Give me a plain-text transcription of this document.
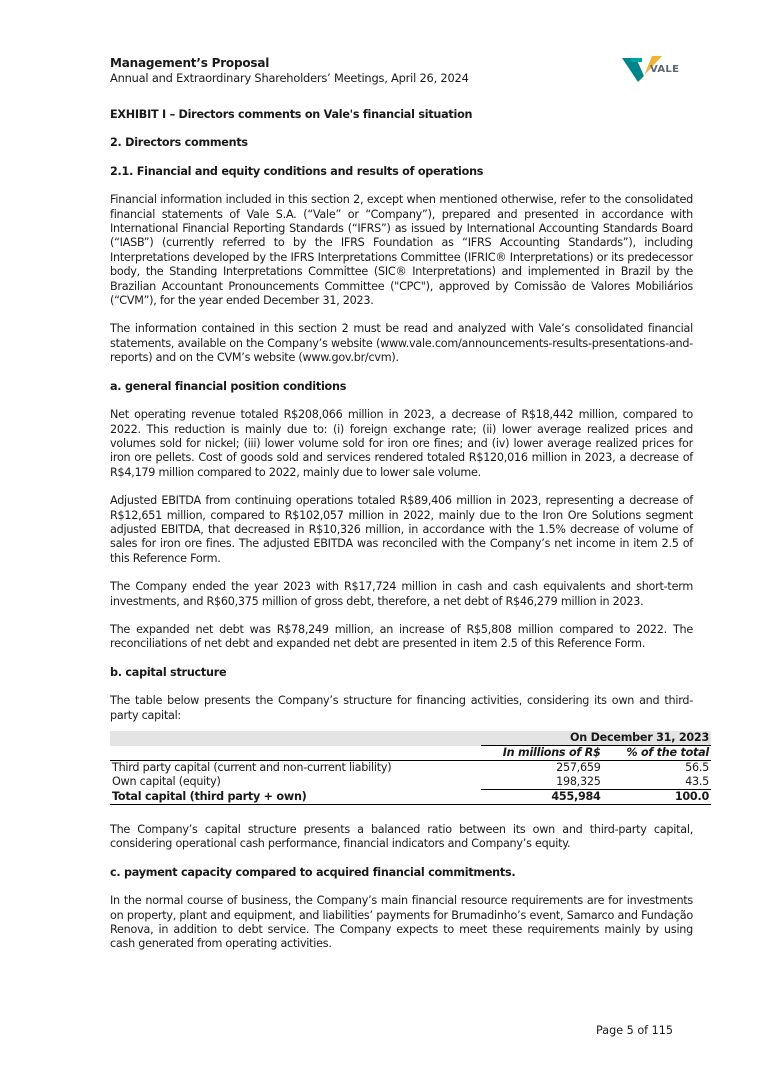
Management’s Proposal
Annual and Extraordinary Shareholders’ Meetings, April 26, 2024
VALE

EXHIBIT I – Directors comments on Vale's financial situation

2. Directors comments

2.1. Financial and equity conditions and results of operations

Financial information included in this section 2, except when mentioned otherwise, refer to the consolidated financial statements of Vale S.A. (“Vale” or “Company”), prepared and presented in accordance with International Financial Reporting Standards (“IFRS”) as issued by International Accounting Standards Board (“IASB”) (currently referred to by the IFRS Foundation as “IFRS Accounting Standards”), including Interpretations developed by the IFRS Interpretations Committee (IFRIC® Interpretations) or its predecessor body, the Standing Interpretations Committee (SIC® Interpretations) and implemented in Brazil by the Brazilian Accountant Pronouncements Committee ("CPC"), approved by Comissão de Valores Mobiliários (“CVM”), for the year ended December 31, 2023.

The information contained in this section 2 must be read and analyzed with Vale’s consolidated financial statements, available on the Company’s website (www.vale.com/announcements-results-presentations-and-reports) and on the CVM’s website (www.gov.br/cvm).

a. general financial position conditions

Net operating revenue totaled R$208,066 million in 2023, a decrease of R$18,442 million, compared to 2022. This reduction is mainly due to: (i) foreign exchange rate; (ii) lower average realized prices and volumes sold for nickel; (iii) lower volume sold for iron ore fines; and (iv) lower average realized prices for iron ore pellets. Cost of goods sold and services rendered totaled R$120,016 million in 2023, a decrease of R$4,179 million compared to 2022, mainly due to lower sale volume.

Adjusted EBITDA from continuing operations totaled R$89,406 million in 2023, representing a decrease of R$12,651 million, compared to R$102,057 million in 2022, mainly due to the Iron Ore Solutions segment adjusted EBITDA, that decreased in R$10,326 million, in accordance with the 1.5% decrease of volume of sales for iron ore fines. The adjusted EBITDA was reconciled with the Company’s net income in item 2.5 of this Reference Form.

The Company ended the year 2023 with R$17,724 million in cash and cash equivalents and short-term investments, and R$60,375 million of gross debt, therefore, a net debt of R$46,279 million in 2023.

The expanded net debt was R$78,249 million, an increase of R$5,808 million compared to 2022. The reconciliations of net debt and expanded net debt are presented in item 2.5 of this Reference Form.

b. capital structure

The table below presents the Company’s structure for financing activities, considering its own and third-party capital:

	On December 31, 2023	
	In millions of R$	% of the total
Third party capital (current and non-current liability)	257,659	56.5
Own capital (equity)	198,325	43.5
Total capital (third party + own)	455,984	100.0

The Company’s capital structure presents a balanced ratio between its own and third-party capital, considering operational cash performance, financial indicators and Company’s equity.

c. payment capacity compared to acquired financial commitments.

In the normal course of business, the Company’s main financial resource requirements are for investments on property, plant and equipment, and liabilities’ payments for Brumadinho’s event, Samarco and Fundação Renova, in addition to debt service. The Company expects to meet these requirements mainly by using cash generated from operating activities.

Page 5 of 115
